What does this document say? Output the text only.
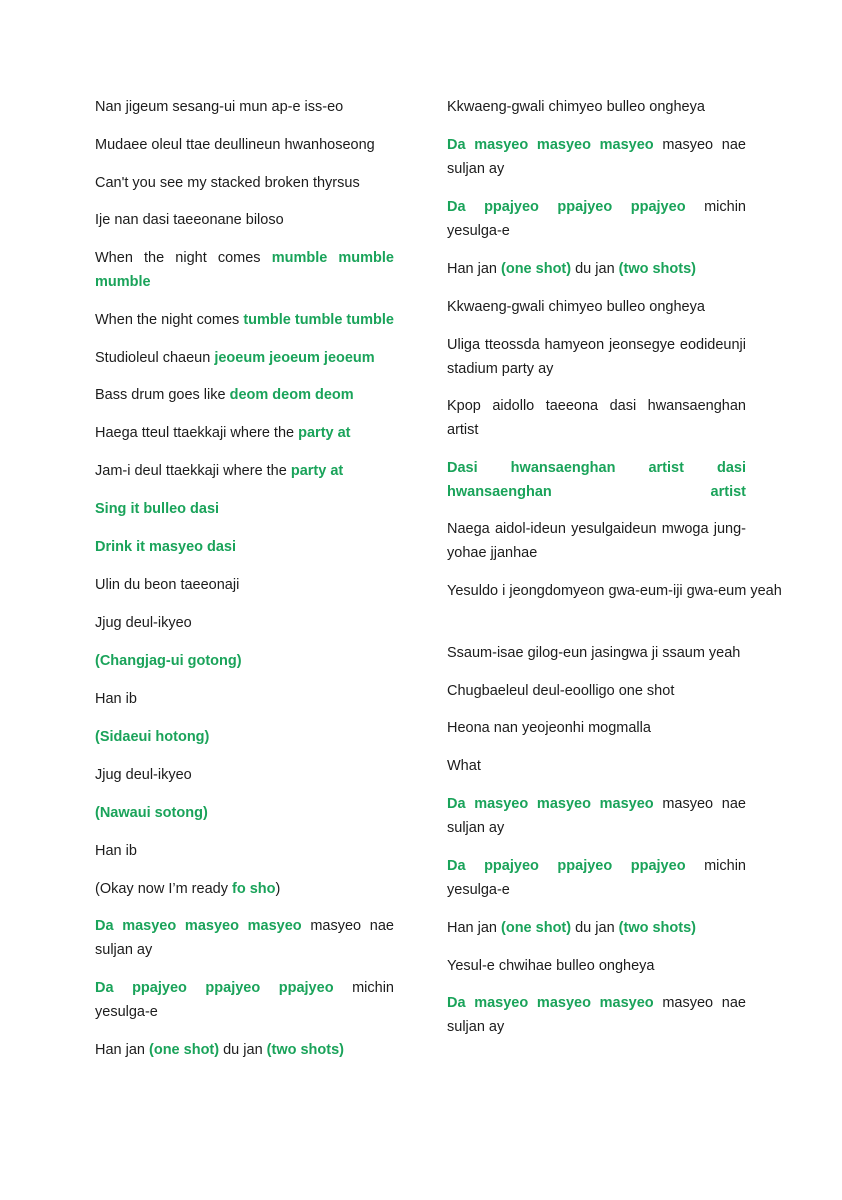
Nan jigeum sesang-ui mun ap-e iss-eo
Mudaee oleul ttae deullineun hwanhoseong
Can't you see my stacked broken thyrsus
Ije nan dasi taeeonane biloso
When the night comes mumble mumble mumble
When the night comes tumble tumble tumble
Studioleul chaeun jeoeum jeoeum jeoeum
Bass drum goes like deom deom deom
Haega tteul ttaekkaji where the party at
Jam-i deul ttaekkaji where the party at
Sing it bulleo dasi
Drink it masyeo dasi
Ulin du beon taeeonaji
Jjug deul-ikyeo
(Changjag-ui gotong)
Han ib
(Sidaeui hotong)
Jjug deul-ikyeo
(Nawaui sotong)
Han ib
(Okay now I’m ready fo sho)
Da masyeo masyeo masyeo masyeo nae suljan ay
Da ppajyeo ppajyeo ppajyeo michin yesulga-e
Han jan (one shot) du jan (two shots)
Kkwaeng-gwali chimyeo bulleo ongheya
Da masyeo masyeo masyeo masyeo nae suljan ay
Da ppajyeo ppajyeo ppajyeo michin yesulga-e
Han jan (one shot) du jan (two shots)
Kkwaeng-gwali chimyeo bulleo ongheya
Uliga tteossda hamyeon jeonsegye eodideunji stadium party ay
Kpop aidollo taeeona dasi hwansaenghan artist
Dasi hwansaenghan artist dasi hwansaenghan artist
Naega aidol-ideun yesulgaideun mwoga jung-yohae jjanhae
Yesuldo i jeongdomyeon gwa-eum-iji gwa-eum yeah
Ssaum-isae gilog-eun jasingwa ji ssaum yeah
Chugbaeleul deul-eoolligo one shot
Heona nan yeojeonhi mogmalla
What
Da masyeo masyeo masyeo masyeo nae suljan ay
Da ppajyeo ppajyeo ppajyeo michin yesulga-e
Han jan (one shot) du jan (two shots)
Yesul-e chwihae bulleo ongheya
Da masyeo masyeo masyeo masyeo nae suljan ay
